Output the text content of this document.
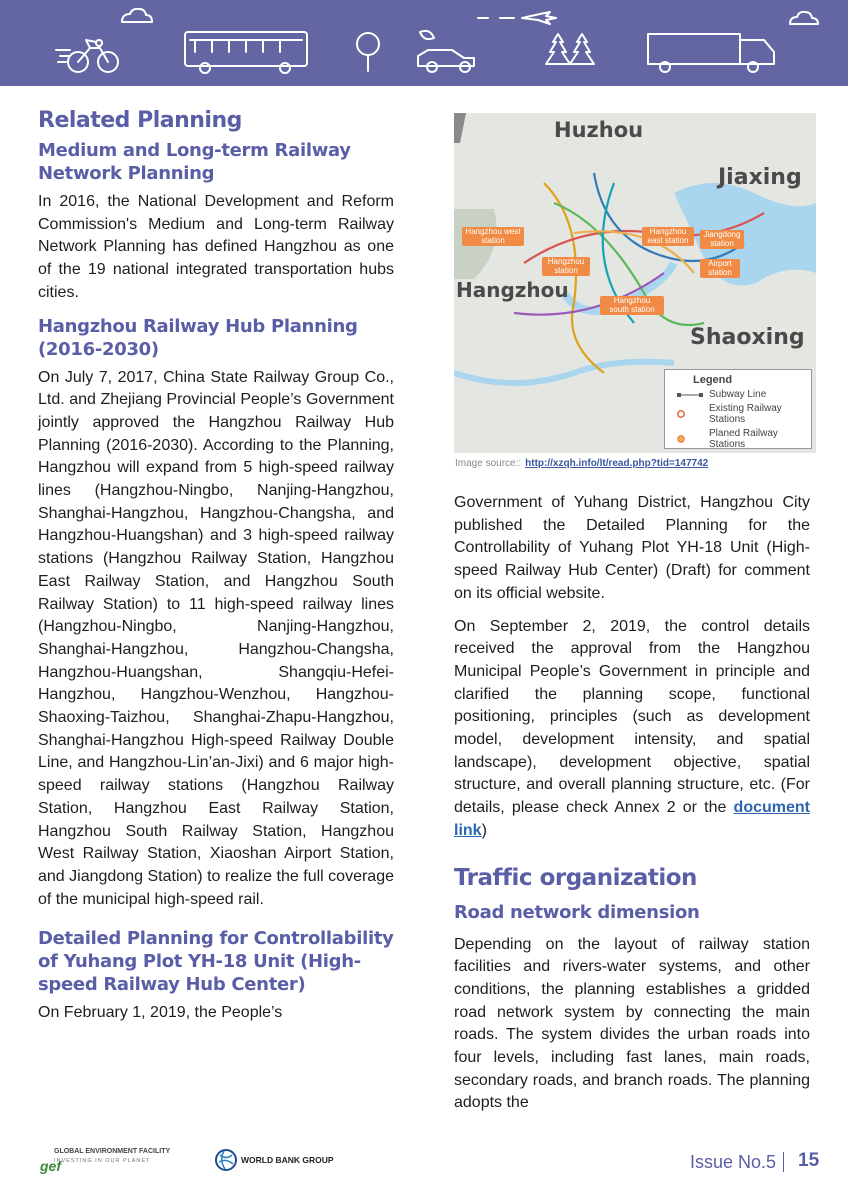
Related Planning
Medium and Long-term Railway Network Planning

In 2016, the National Development and Reform Commission's Medium and Long-term Railway Network Planning has defined Hangzhou as one of the 19 national integrated transportation hubs cities.

Hangzhou Railway Hub Planning (2016-2030)

On July 7, 2017, China State Railway Group Co., Ltd. and Zhejiang Provincial People’s Government jointly approved the Hangzhou Railway Hub Planning (2016-2030). According to the Planning, Hangzhou will expand from 5 high-speed railway lines (Hangzhou-Ningbo, Nanjing-Hangzhou, Shanghai-Hangzhou, Hangzhou-Changsha, and Hangzhou-Huangshan) and 3 high-speed railway stations (Hangzhou Railway Station, Hangzhou East Railway Station, and Hangzhou South Railway Station) to 11 high-speed railway lines (Hangzhou-Ningbo, Nanjing-Hangzhou, Shanghai-Hangzhou, Hangzhou-Changsha, Hangzhou-Huangshan, Shangqiu-Hefei-Hangzhou, Hangzhou-Wenzhou, Hangzhou-Shaoxing-Taizhou, Shanghai-Zhapu-Hangzhou, Shanghai-Hangzhou High-speed Railway Double Line, and Hangzhou-Lin’an-Jixi) and 6 major high-speed railway stations (Hangzhou Railway Station, Hangzhou East Railway Station, Hangzhou South Railway Station, Hangzhou West Railway Station, Xiaoshan Airport Station, and Jiangdong Station) to realize the full coverage of the municipal high-speed rail.

Detailed Planning for Controllability of Yuhang Plot YH-18 Unit (High-speed Railway Hub Center)

On February 1, 2019, the People’s

Huzhou
Jiaxing
Hangzhou
Shaoxing
Hangzhou west station
Hangzhou east station
Jiangdong station
Hangzhou station
Airport station
Hangzhou south station
Legend
Subway Line
Existing Railway Stations
Planed Railway Stations
Image source:: http://xzqh.info/lt/read.php?tid=147742

Government of Yuhang District, Hangzhou City published the Detailed Planning for the Controllability of Yuhang Plot YH-18 Unit (High-speed Railway Hub Center) (Draft) for comment on its official website.

On September 2, 2019, the control details received the approval from the Hangzhou Municipal People’s Government in principle and clarified the planning scope, functional positioning, principles (such as development model, development intensity, and spatial landscape), development objective, spatial structure, and overall planning structure, etc. (For details, please check Annex 2 or the document link)

Traffic organization
Road network dimension

Depending on the layout of railway station facilities and rivers-water systems, and other conditions, the planning establishes a gridded road network system by connecting the main roads. The system divides the urban roads into four levels, including fast lanes, main roads, secondary roads, and branch roads. The planning adopts the

gef
GLOBAL ENVIRONMENT FACILITY
INVESTING IN OUR PLANET	WORLD BANK GROUP	Issue No.5 15
